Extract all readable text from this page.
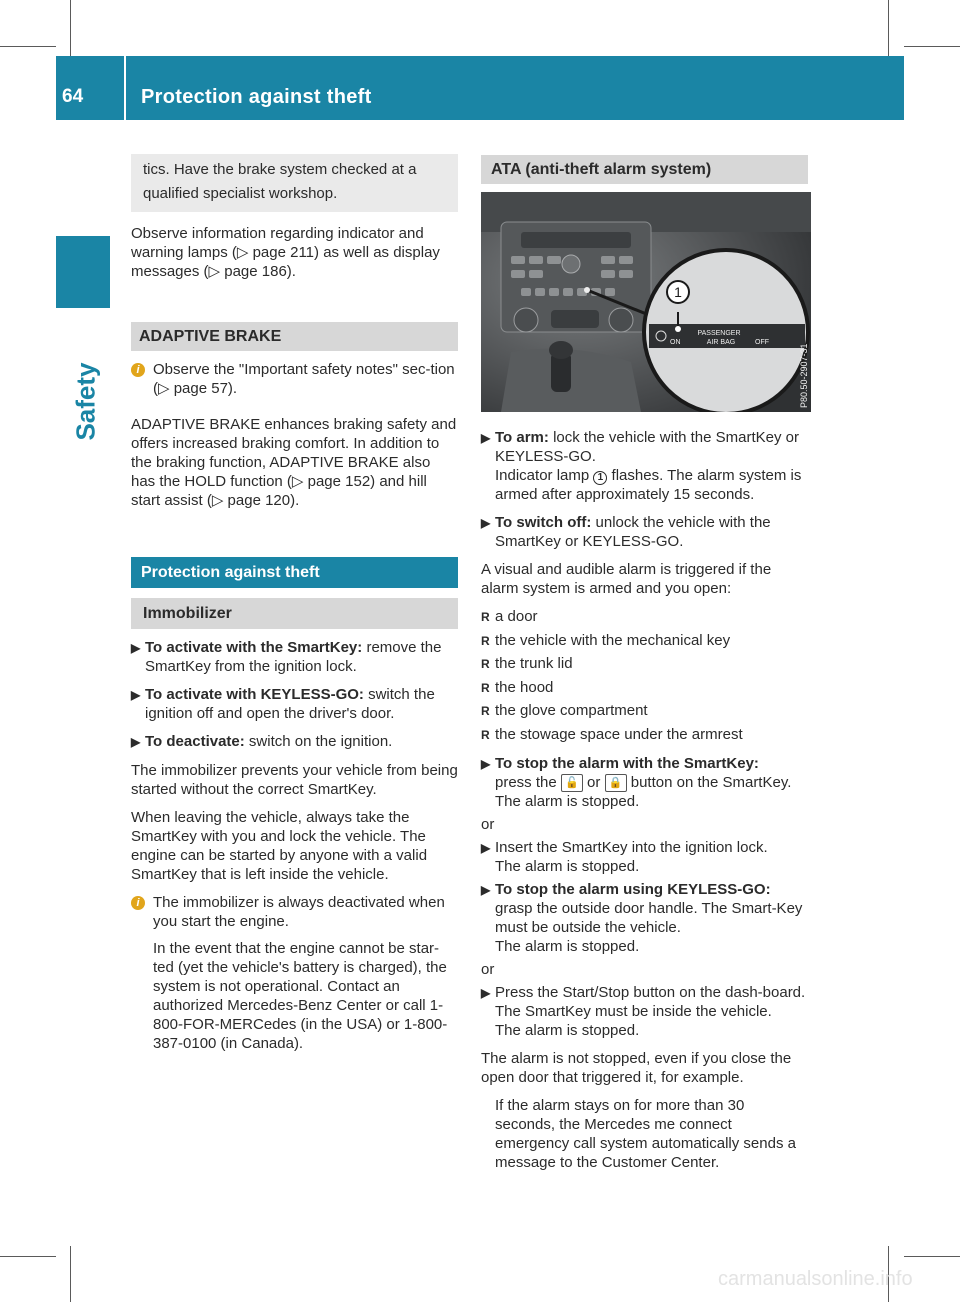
64	Protection against theft
Safety
tics. Have the brake system checked at a qualified specialist workshop.

Observe information regarding indicator and warning lamps (▷ page 211) as well as display messages (▷ page 186).

ADAPTIVE BRAKE
i Observe the "Important safety notes" sec-tion (▷ page 57).

ADAPTIVE BRAKE enhances braking safety and offers increased braking comfort. In addition to the braking function, ADAPTIVE BRAKE also has the HOLD function (▷ page 152) and hill start assist (▷ page 120).

Protection against theft
Immobilizer
▶ To activate with the SmartKey: remove the SmartKey from the ignition lock.
▶ To activate with KEYLESS-GO: switch the ignition off and open the driver's door.
▶ To deactivate: switch on the ignition.

The immobilizer prevents your vehicle from being started without the correct SmartKey.

When leaving the vehicle, always take the SmartKey with you and lock the vehicle. The engine can be started by anyone with a valid SmartKey that is left inside the vehicle.

i The immobilizer is always deactivated when you start the engine.

In the event that the engine cannot be star-ted (yet the vehicle's battery is charged), the system is not operational. Contact an authorized Mercedes-Benz Center or call 1-800-FOR-MERCedes (in the USA) or 1-800-387-0100 (in Canada).

ATA (anti-theft alarm system)
1
ON
PASSENGER
AIR BAG	OFF
P80.50-2907-31
▶ To arm: lock the vehicle with the SmartKey or KEYLESS-GO.
Indicator lamp 1 flashes. The alarm system is armed after approximately 15 seconds.
▶ To switch off: unlock the vehicle with the SmartKey or KEYLESS-GO.

A visual and audible alarm is triggered if the alarm system is armed and you open:

R a door
R the vehicle with the mechanical key
R the trunk lid
R the hood
R the glove compartment
R the stowage space under the armrest
▶ To stop the alarm with the SmartKey:
press the 🔓 or 🔒 button on the SmartKey.
The alarm is stopped.

or

▶ Insert the SmartKey into the ignition lock.
The alarm is stopped.
▶ To stop the alarm using KEYLESS-GO:
grasp the outside door handle. The Smart-Key must be outside the vehicle.
The alarm is stopped.

or

▶ Press the Start/Stop button on the dash-board. The SmartKey must be inside the vehicle.
The alarm is stopped.

The alarm is not stopped, even if you close the open door that triggered it, for example.

If the alarm stays on for more than 30 seconds, the Mercedes me connect emergency call system automatically sends a message to the Customer Center.

carmanualsonline.info
